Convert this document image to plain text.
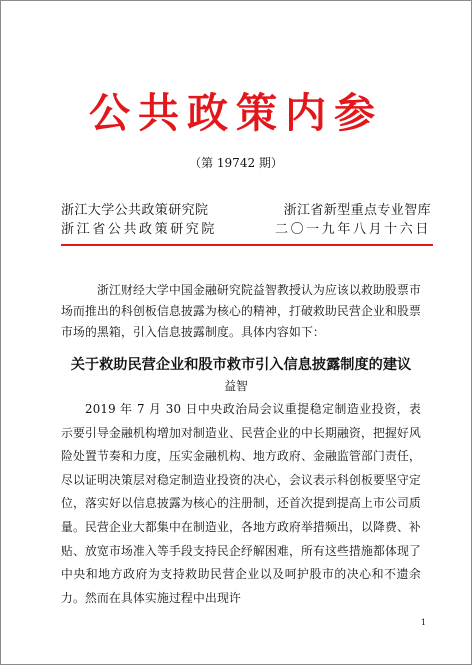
公共政策内参
（第 19742 期）
浙江大学公共政策研究院	浙江省新型重点专业智库
浙江省公共政策研究院	二〇一九年八月十六日
浙江财经大学中国金融研究院益智教授认为应该以救助股票市场而推出的科创板信息披露为核心的精神，打破救助民营企业和股票市场的黑箱，引入信息披露制度。具体内容如下：
关于救助民营企业和股市救市引入信息披露制度的建议
益智
2019 年 7 月 30 日中央政治局会议重提稳定制造业投资，表示要引导金融机构增加对制造业、民营企业的中长期融资，把握好风险处置节奏和力度，压实金融机构、地方政府、金融监管部门责任，尽以证明决策层对稳定制造业投资的决心，会议表示科创板要坚守定位，落实好以信息披露为核心的注册制，还首次提到提高上市公司质量。民营企业大都集中在制造业，各地方政府举措频出，以降费、补贴、放宽市场准入等手段支持民企纾解困难，所有这些措施都体现了中央和地方政府为支持救助民营企业以及呵护股市的决心和不遗余力。然而在具体实施过程中出现许
1
